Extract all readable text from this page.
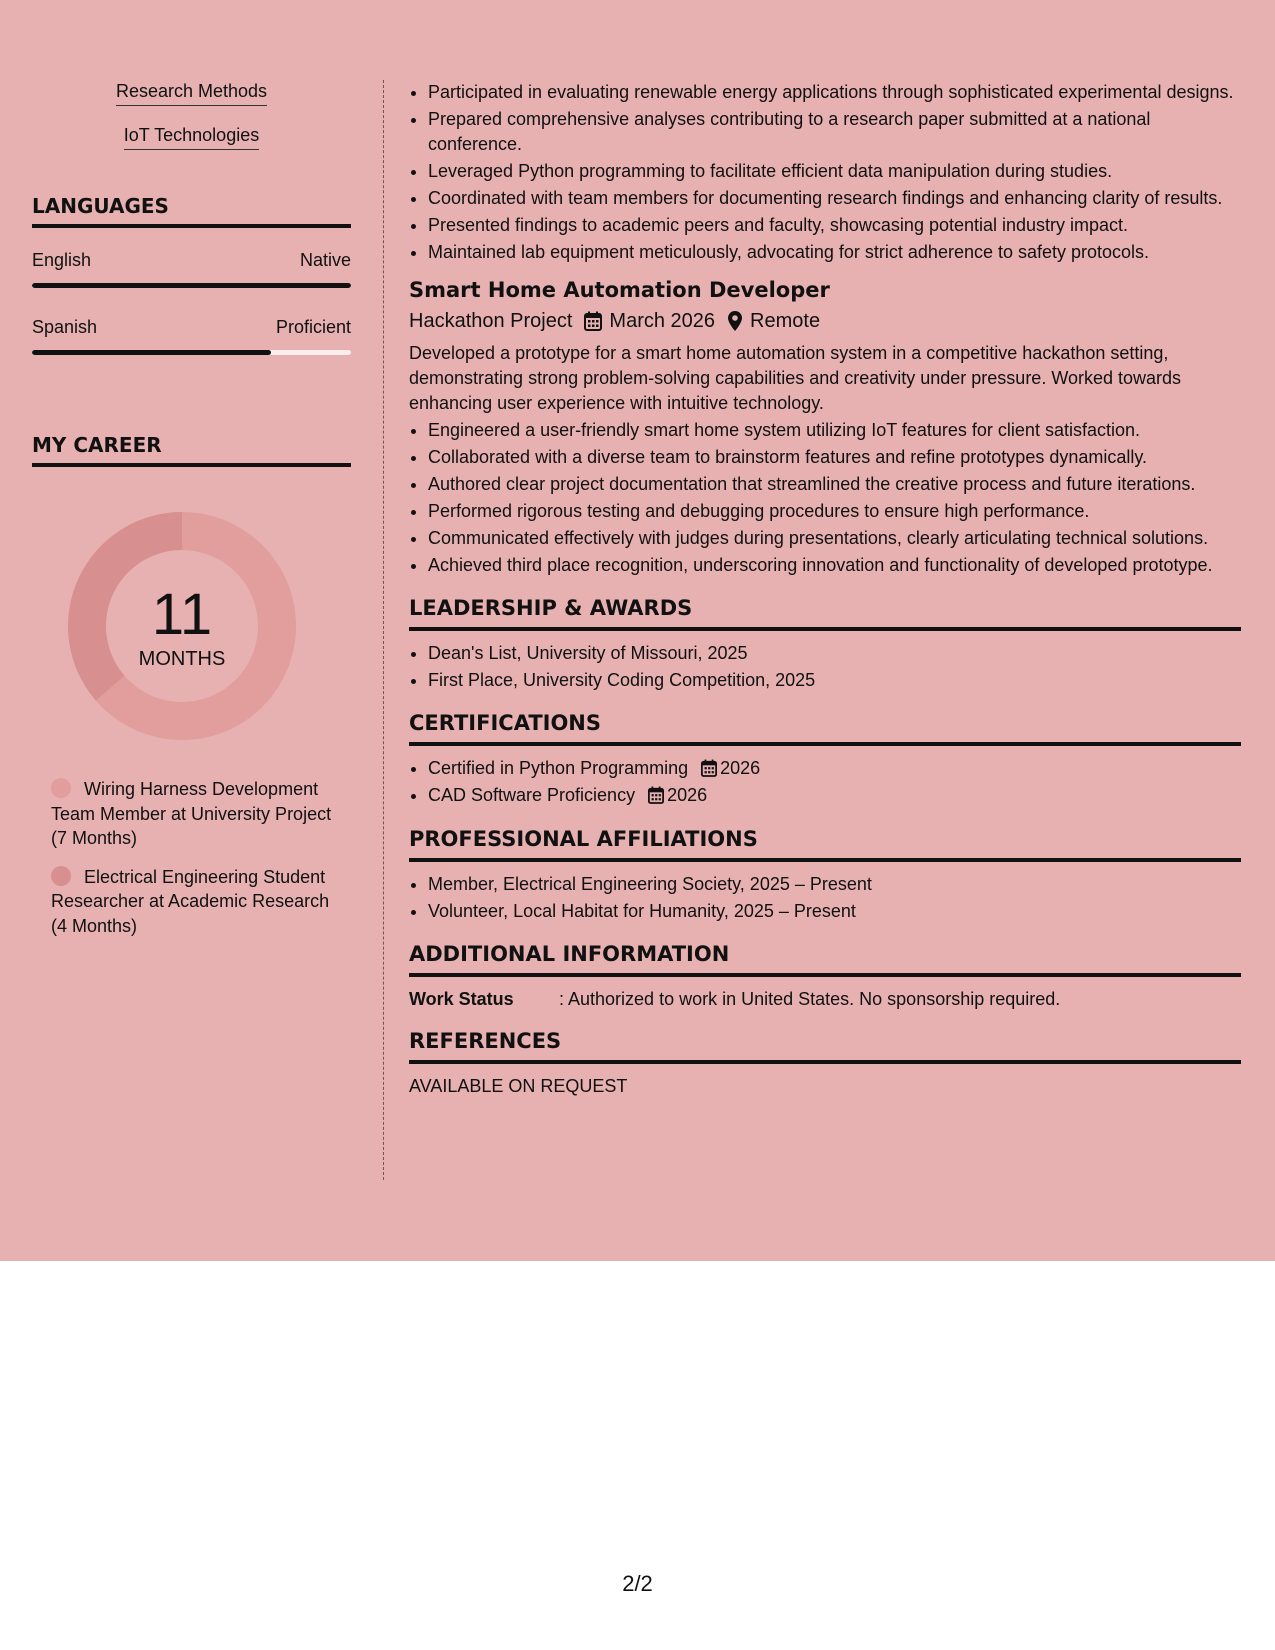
Research Methods
IoT Technologies
LANGUAGES
English	Native
Spanish	Proficient
MY CAREER
11
MONTHS
Wiring Harness Development Team Member at University Project (7 Months)
Electrical Engineering Student Researcher at Academic Research (4 Months)
• Participated in evaluating renewable energy applications through sophisticated experimental designs.
• Prepared comprehensive analyses contributing to a research paper submitted at a national conference.
• Leveraged Python programming to facilitate efficient data manipulation during studies.
• Coordinated with team members for documenting research findings and enhancing clarity of results.
• Presented findings to academic peers and faculty, showcasing potential industry impact.
• Maintained lab equipment meticulously, advocating for strict adherence to safety protocols.
Smart Home Automation Developer
Hackathon Project March 2026 Remote
Developed a prototype for a smart home automation system in a competitive hackathon setting, demonstrating strong problem-solving capabilities and creativity under pressure. Worked towards enhancing user experience with intuitive technology.
• Engineered a user-friendly smart home system utilizing IoT features for client satisfaction.
• Collaborated with a diverse team to brainstorm features and refine prototypes dynamically.
• Authored clear project documentation that streamlined the creative process and future iterations.
• Performed rigorous testing and debugging procedures to ensure high performance.
• Communicated effectively with judges during presentations, clearly articulating technical solutions.
• Achieved third place recognition, underscoring innovation and functionality of developed prototype.
LEADERSHIP & AWARDS
• Dean's List, University of Missouri, 2025
• First Place, University Coding Competition, 2025
CERTIFICATIONS
• Certified in Python Programming 2026
• CAD Software Proficiency 2026
PROFESSIONAL AFFILIATIONS
• Member, Electrical Engineering Society, 2025 – Present
• Volunteer, Local Habitat for Humanity, 2025 – Present
ADDITIONAL INFORMATION
Work Status	: Authorized to work in United States. No sponsorship required.
REFERENCES
AVAILABLE ON REQUEST
2/2
